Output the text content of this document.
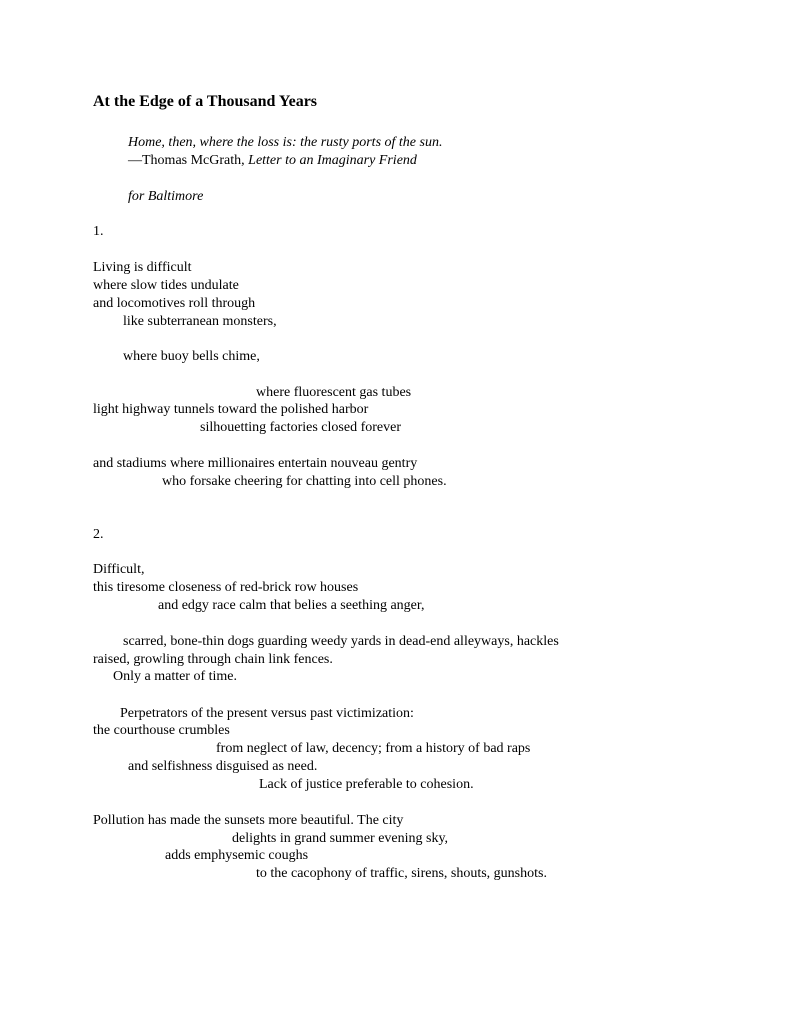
At the Edge of a Thousand Years
Home, then, where the loss is: the rusty ports of the sun.
—Thomas McGrath, Letter to an Imaginary Friend
for Baltimore
1.
Living is difficult
where slow tides undulate
and locomotives roll through
like subterranean monsters,
where buoy bells chime,
where fluorescent gas tubes
light highway tunnels toward the polished harbor
silhouetting factories closed forever
and stadiums where millionaires entertain nouveau gentry
who forsake cheering for chatting into cell phones.
2.
Difficult,
this tiresome closeness of red-brick row houses
and edgy race calm that belies a seething anger,
scarred, bone-thin dogs guarding weedy yards in dead-end alleyways, hackles
raised, growling through chain link fences.
Only a matter of time.
Perpetrators of the present versus past victimization:
the courthouse crumbles
from neglect of law, decency; from a history of bad raps
and selfishness disguised as need.
Lack of justice preferable to cohesion.
Pollution has made the sunsets more beautiful. The city
delights in grand summer evening sky,
adds emphysemic coughs
to the cacophony of traffic, sirens, shouts, gunshots.
